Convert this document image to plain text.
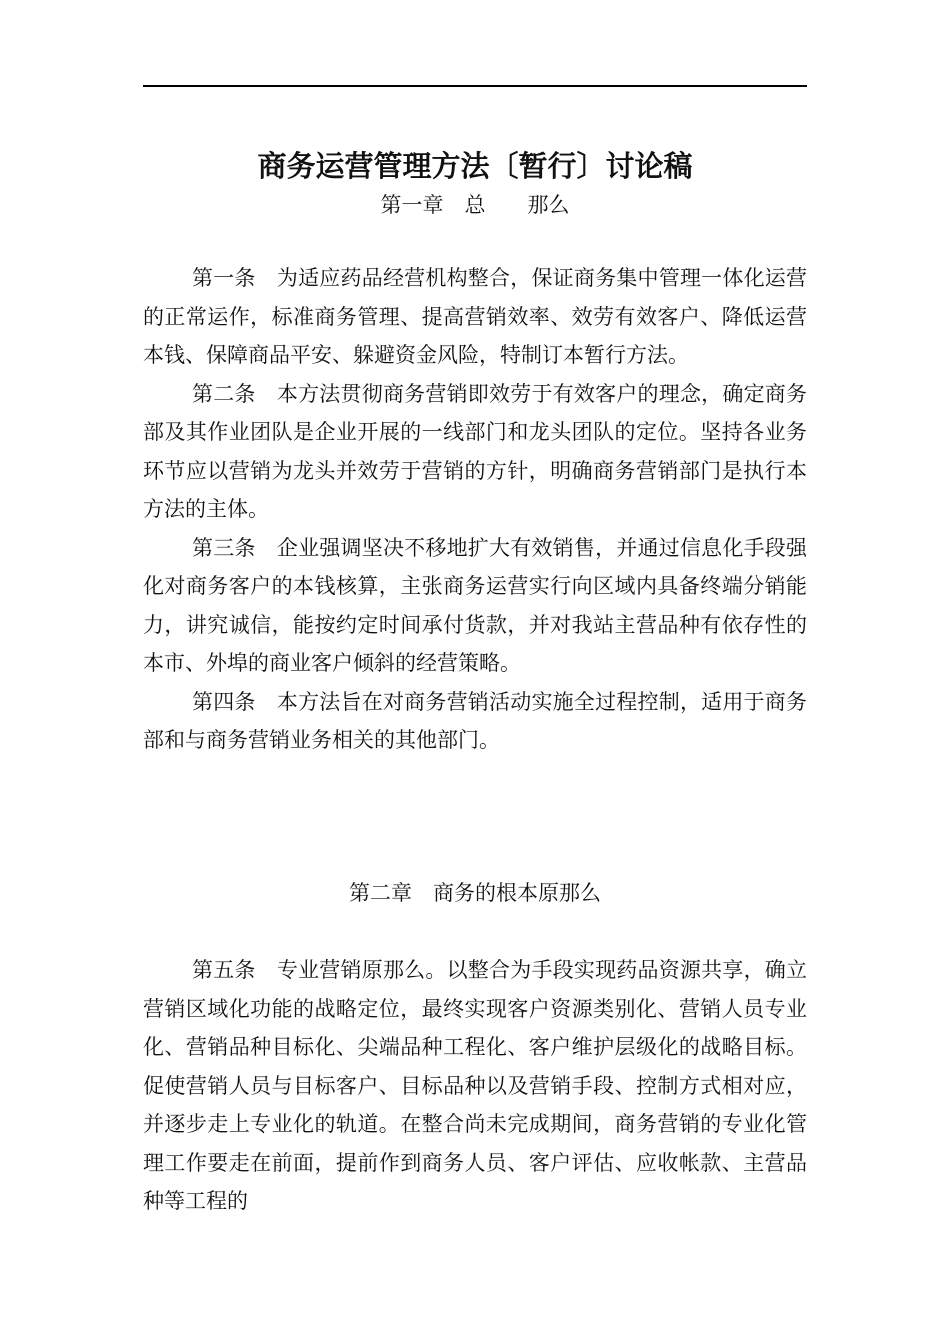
商务运营管理方法〔暂行〕讨论稿
第一章　总　　那么

第一条 为适应药品经营机构整合，保证商务集中管理一体化运营的正常运作，标准商务管理、提高营销效率、效劳有效客户、降低运营本钱、保障商品平安、躲避资金风险，特制订本暂行方法。

第二条 本方法贯彻商务营销即效劳于有效客户的理念，确定商务部及其作业团队是企业开展的一线部门和龙头团队的定位。坚持各业务环节应以营销为龙头并效劳于营销的方针，明确商务营销部门是执行本方法的主体。

第三条 企业强调坚决不移地扩大有效销售，并通过信息化手段强化对商务客户的本钱核算，主张商务运营实行向区域内具备终端分销能力，讲究诚信，能按约定时间承付货款，并对我站主营品种有依存性的本市、外埠的商业客户倾斜的经营策略。

第四条 本方法旨在对商务营销活动实施全过程控制，适用于商务部和与商务营销业务相关的其他部门。

第二章　商务的根本原那么

第五条 专业营销原那么。以整合为手段实现药品资源共享，确立营销区域化功能的战略定位，最终实现客户资源类别化、营销人员专业化、营销品种目标化、尖端品种工程化、客户维护层级化的战略目标。促使营销人员与目标客户、目标品种以及营销手段、控制方式相对应，并逐步走上专业化的轨道。在整合尚未完成期间，商务营销的专业化管理工作要走在前面，提前作到商务人员、客户评估、应收帐款、主营品种等工程的
